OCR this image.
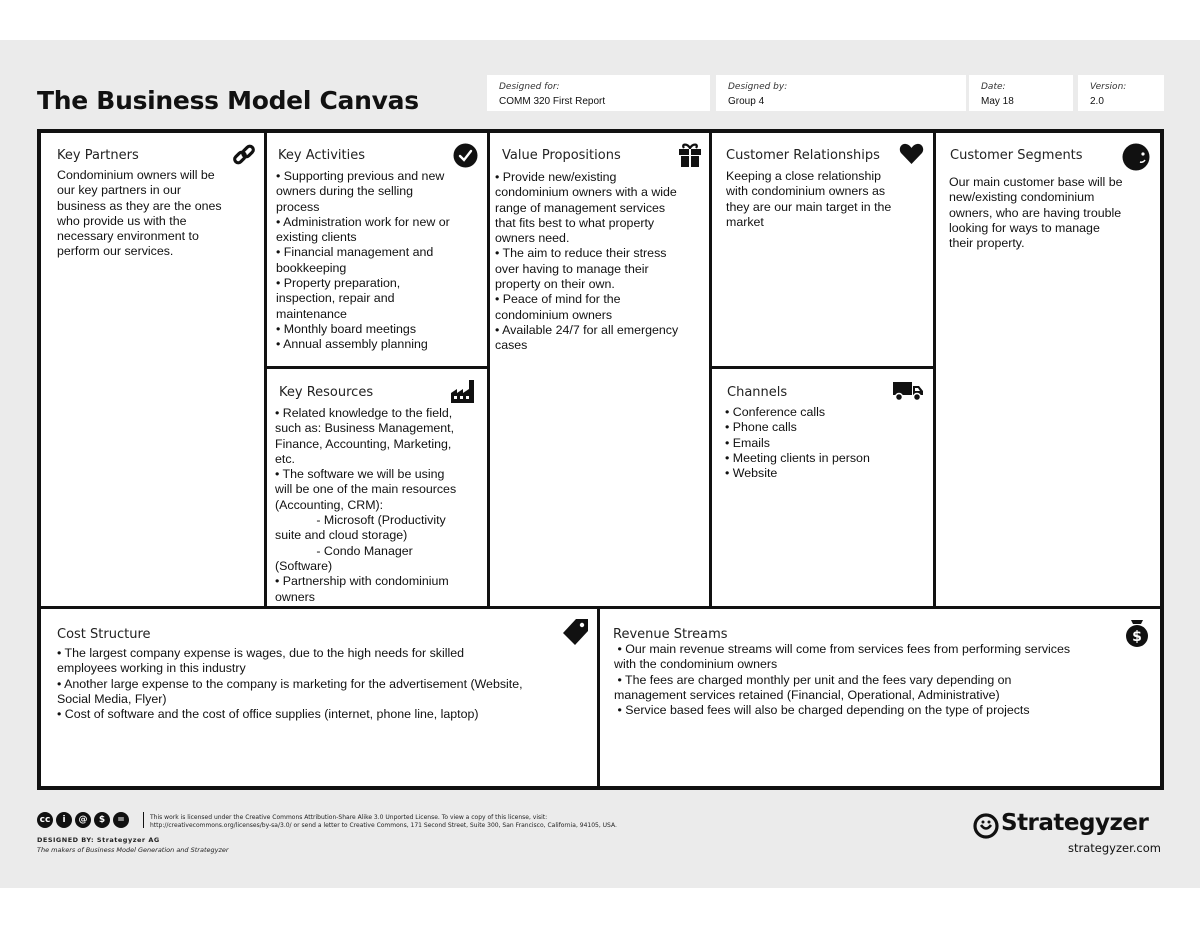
The Business Model Canvas	Designed for:
COMM 320 First Report
Designed by:
Group 4
Date:
May 18
Version:
2.0
Key Partners
Condominium owners will be
our key partners in our
business as they are the ones
who provide us with the
necessary environment to
perform our services.
Key Activities
• Supporting previous and new
owners during the selling
process
• Administration work for new or
existing clients
• Financial management and
bookkeeping
• Property preparation,
inspection, repair and
maintenance
• Monthly board meetings
• Annual assembly planning
Key Resources
• Related knowledge to the field,
such as: Business Management,
Finance, Accounting, Marketing,
etc.
• The software we will be using
will be one of the main resources
(Accounting, CRM):
- Microsoft (Productivity
suite and cloud storage)
- Condo Manager
(Software)
• Partnership with condominium
owners
Value Propositions
• Provide new/existing
condominium owners with a wide
range of management services
that fits best to what property
owners need.
• The aim to reduce their stress
over having to manage their
property on their own.
• Peace of mind for the
condominium owners
• Available 24/7 for all emergency
cases
Customer Relationships
Keeping a close relationship
with condominium owners as
they are our main target in the
market
Channels
• Conference calls
• Phone calls
• Emails
• Meeting clients in person
• Website
Customer Segments
Our main customer base will be
new/existing condominium
owners, who are having trouble
looking for ways to manage
their property.
Cost Structure
• The largest company expense is wages, due to the high needs for skilled
employees working in this industry
• Another large expense to the company is marketing for the advertisement (Website,
Social Media, Flyer)
• Cost of software and the cost of office supplies (internet, phone line, laptop)
Revenue Streams	$
• Our main revenue streams will come from services fees from performing services
with the condominium owners
• The fees are charged monthly per unit and the fees vary depending on
management services retained (Financial, Operational, Administrative)
• Service based fees will also be charged depending on the type of projects
cc	i	@	$	=	This work is licensed under the Creative Commons Attribution-Share Alike 3.0 Unported License. To view a copy of this license, visit:
http://creativecommons.org/licenses/by-sa/3.0/ or send a letter to Creative Commons, 171 Second Street, Suite 300, San Francisco, California, 94105, USA.
DESIGNED BY: Strategyzer AG
The makers of Business Model Generation and Strategyzer
Strategyzer
strategyzer.com
